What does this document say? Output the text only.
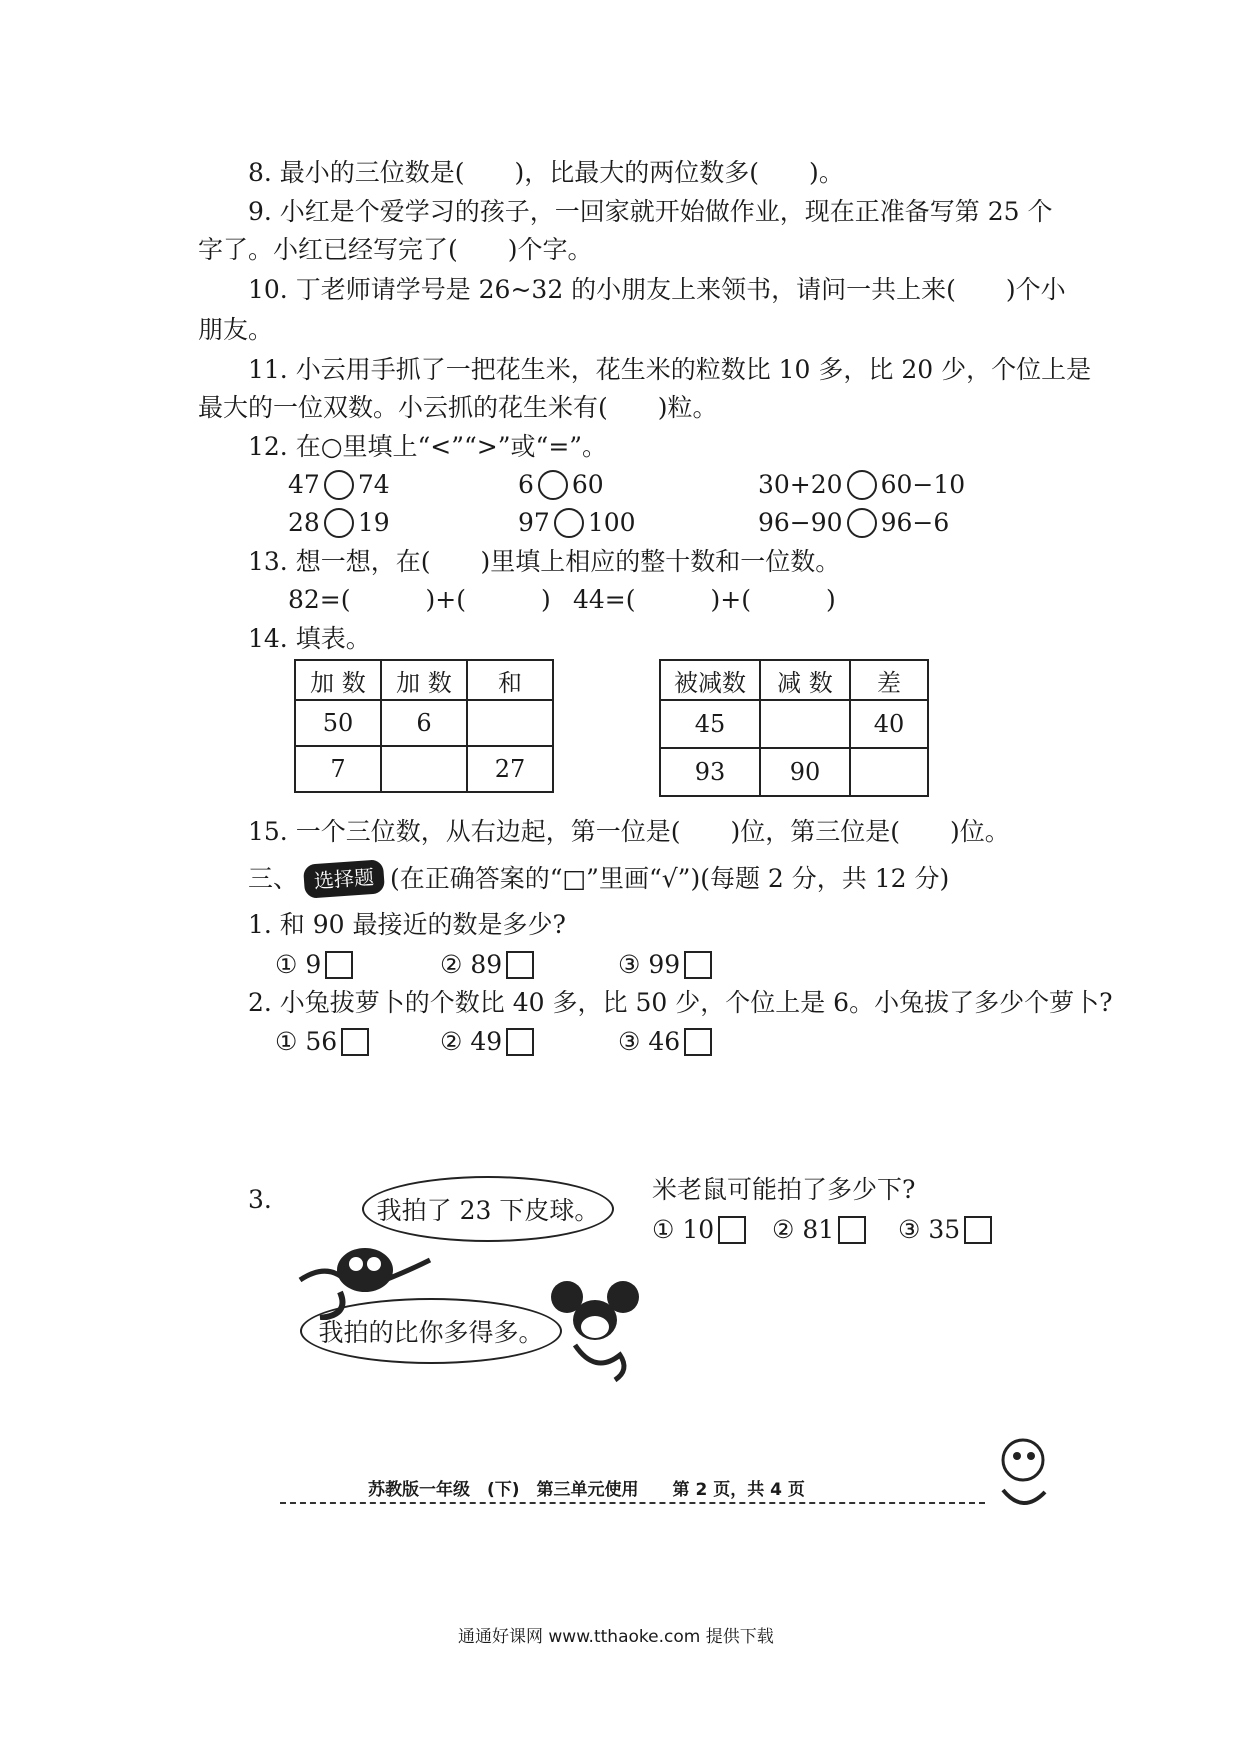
8. 最小的三位数是(　　)，比最大的两位数多(　　)。
9. 小红是个爱学习的孩子，一回家就开始做作业，现在正准备写第 25 个
字了。小红已经写完了(　　)个字。
10. 丁老师请学号是 26~32 的小朋友上来领书，请问一共上来(　　)个小
朋友。
11. 小云用手抓了一把花生米，花生米的粒数比 10 多，比 20 少，个位上是
最大的一位双数。小云抓的花生米有(　　)粒。
12. 在○里填上“<”“>”或“=”。
47 74	6 60	30+20 60−10
28 19	97 100	96−90 96−6
13. 想一想，在(　　)里填上相应的整十数和一位数。
82=(　　　)+(　　　) 44=(　　　)+(　　　)
14. 填表。
加 数	加 数	和
50	6	
7		27
被减数	减 数	差
45		40
93	90	
15. 一个三位数，从右边起，第一位是(　　)位，第三位是(　　)位。
三、 选择题 (在正确答案的“□”里画“√”)(每题 2 分，共 12 分)
1. 和 90 最接近的数是多少?
① 9	② 89	③ 99
2. 小兔拔萝卜的个数比 40 多，比 50 少，个位上是 6。小兔拔了多少个萝卜?
① 56	② 49	③ 46
3.	我拍了 23 下皮球。
我拍的比你多得多。
米老鼠可能拍了多少下?
① 10 ② 81	③ 35
苏教版一年级　(下)　第三单元使用　　第 2 页，共 4 页
通通好课网 www.tthaoke.com 提供下载
